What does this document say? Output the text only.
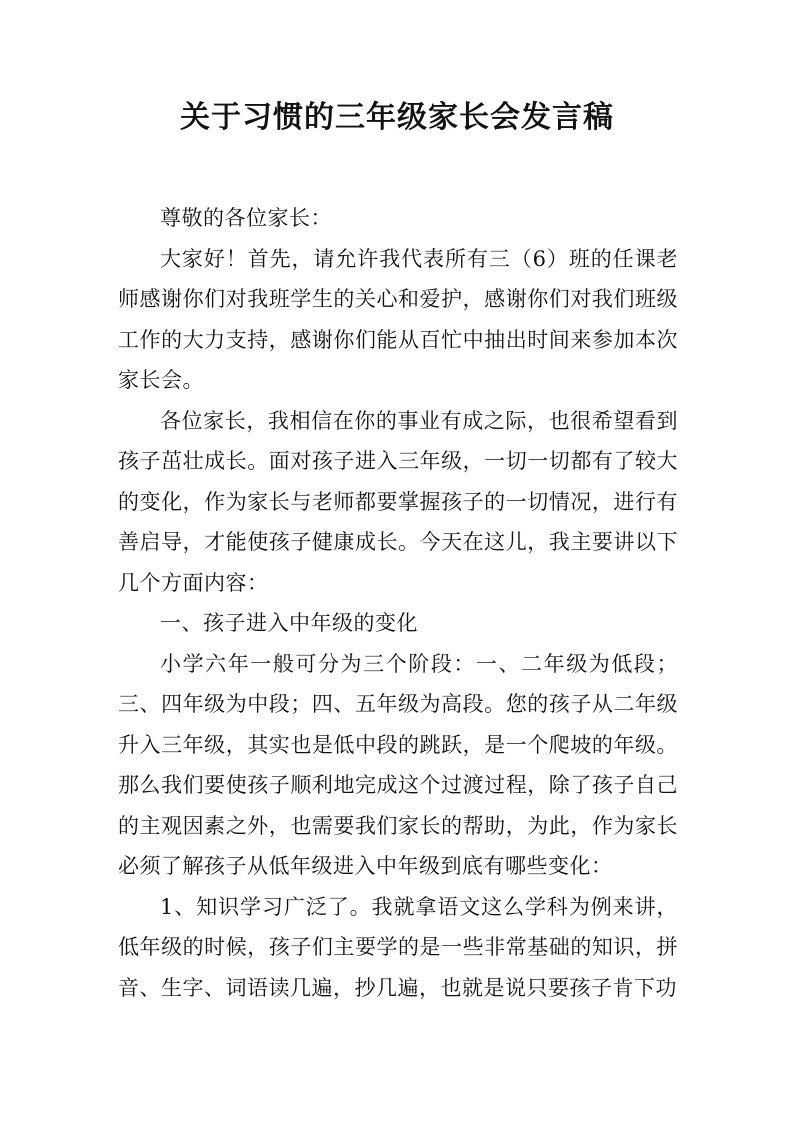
关于习惯的三年级家长会发言稿

尊敬的各位家长：

大家好！首先，请允许我代表所有三（6）班的任课老师感谢你们对我班学生的关心和爱护，感谢你们对我们班级工作的大力支持，感谢你们能从百忙中抽出时间来参加本次家长会。

各位家长，我相信在你的事业有成之际，也很希望看到孩子茁壮成长。面对孩子进入三年级，一切一切都有了较大的变化，作为家长与老师都要掌握孩子的一切情况，进行有善启导，才能使孩子健康成长。今天在这儿，我主要讲以下几个方面内容：

一、孩子进入中年级的变化

小学六年一般可分为三个阶段：一、二年级为低段；三、四年级为中段；四、五年级为高段。您的孩子从二年级升入三年级，其实也是低中段的跳跃，是一个爬坡的年级。那么我们要使孩子顺利地完成这个过渡过程，除了孩子自己的主观因素之外，也需要我们家长的帮助，为此，作为家长必须了解孩子从低年级进入中年级到底有哪些变化：

1、知识学习广泛了。我就拿语文这么学科为例来讲，低年级的时候，孩子们主要学的是一些非常基础的知识，拼音、生字、词语读几遍，抄几遍，也就是说只要孩子肯下功
